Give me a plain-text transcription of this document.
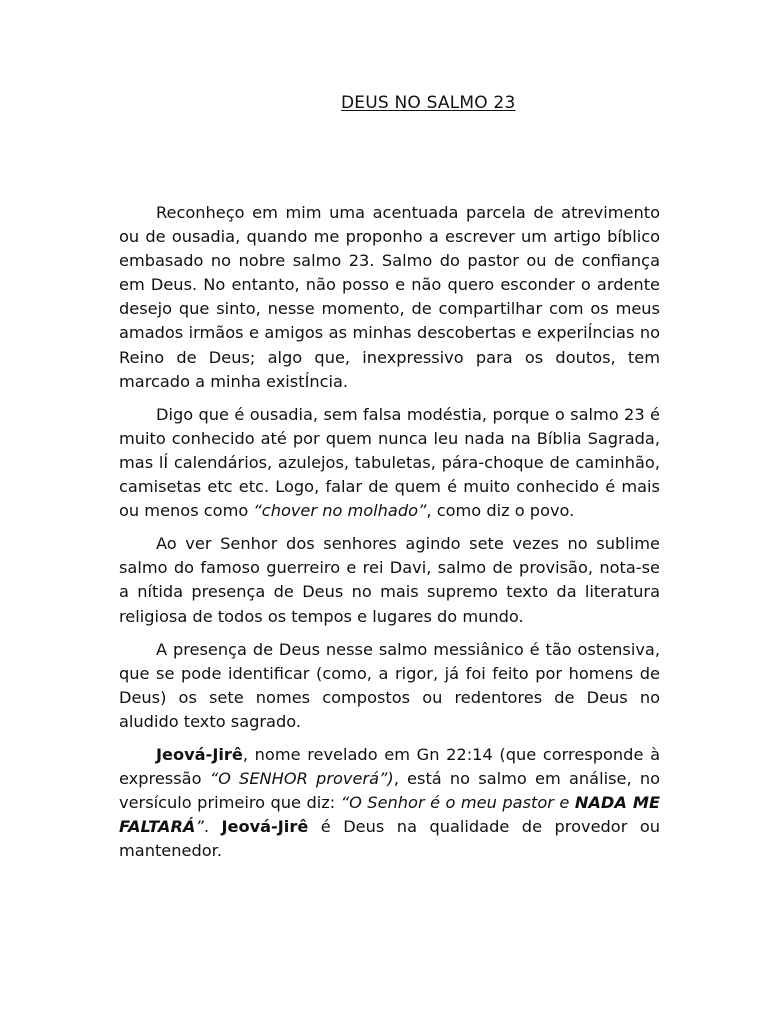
DEUS NO SALMO 23

Reconheço em mim uma acentuada parcela de atrevimento ou de ousadia, quando me proponho a escrever um artigo bíblico embasado no nobre salmo 23. Salmo do pastor ou de confiança em Deus. No entanto, não posso e não quero esconder o ardente desejo que sinto, nesse momento, de compartilhar com os meus amados irmãos e amigos as minhas descobertas e experiÍncias no Reino de Deus; algo que, inexpressivo para os doutos, tem marcado a minha existÍncia.

Digo que é ousadia, sem falsa modéstia, porque o salmo 23 é muito conhecido até por quem nunca leu nada na Bíblia Sagrada, mas lÍ calendários, azulejos, tabuletas, pára-choque de caminhão, camisetas etc etc. Logo, falar de quem é muito conhecido é mais ou menos como “chover no molhado”, como diz o povo.

Ao ver Senhor dos senhores agindo sete vezes no sublime salmo do famoso guerreiro e rei Davi, salmo de provisão, nota-se a nítida presença de Deus no mais supremo texto da literatura religiosa de todos os tempos e lugares do mundo.

A presença de Deus nesse salmo messiânico é tão ostensiva, que se pode identificar (como, a rigor, já foi feito por homens de Deus) os sete nomes compostos ou redentores de Deus no aludido texto sagrado.

Jeová-Jirê, nome revelado em Gn 22:14 (que corresponde à expressão “O SENHOR proverá”), está no salmo em análise, no versículo primeiro que diz: “O Senhor é o meu pastor e NADA ME FALTARÁ”. Jeová-Jirê é Deus na qualidade de provedor ou mantenedor.
